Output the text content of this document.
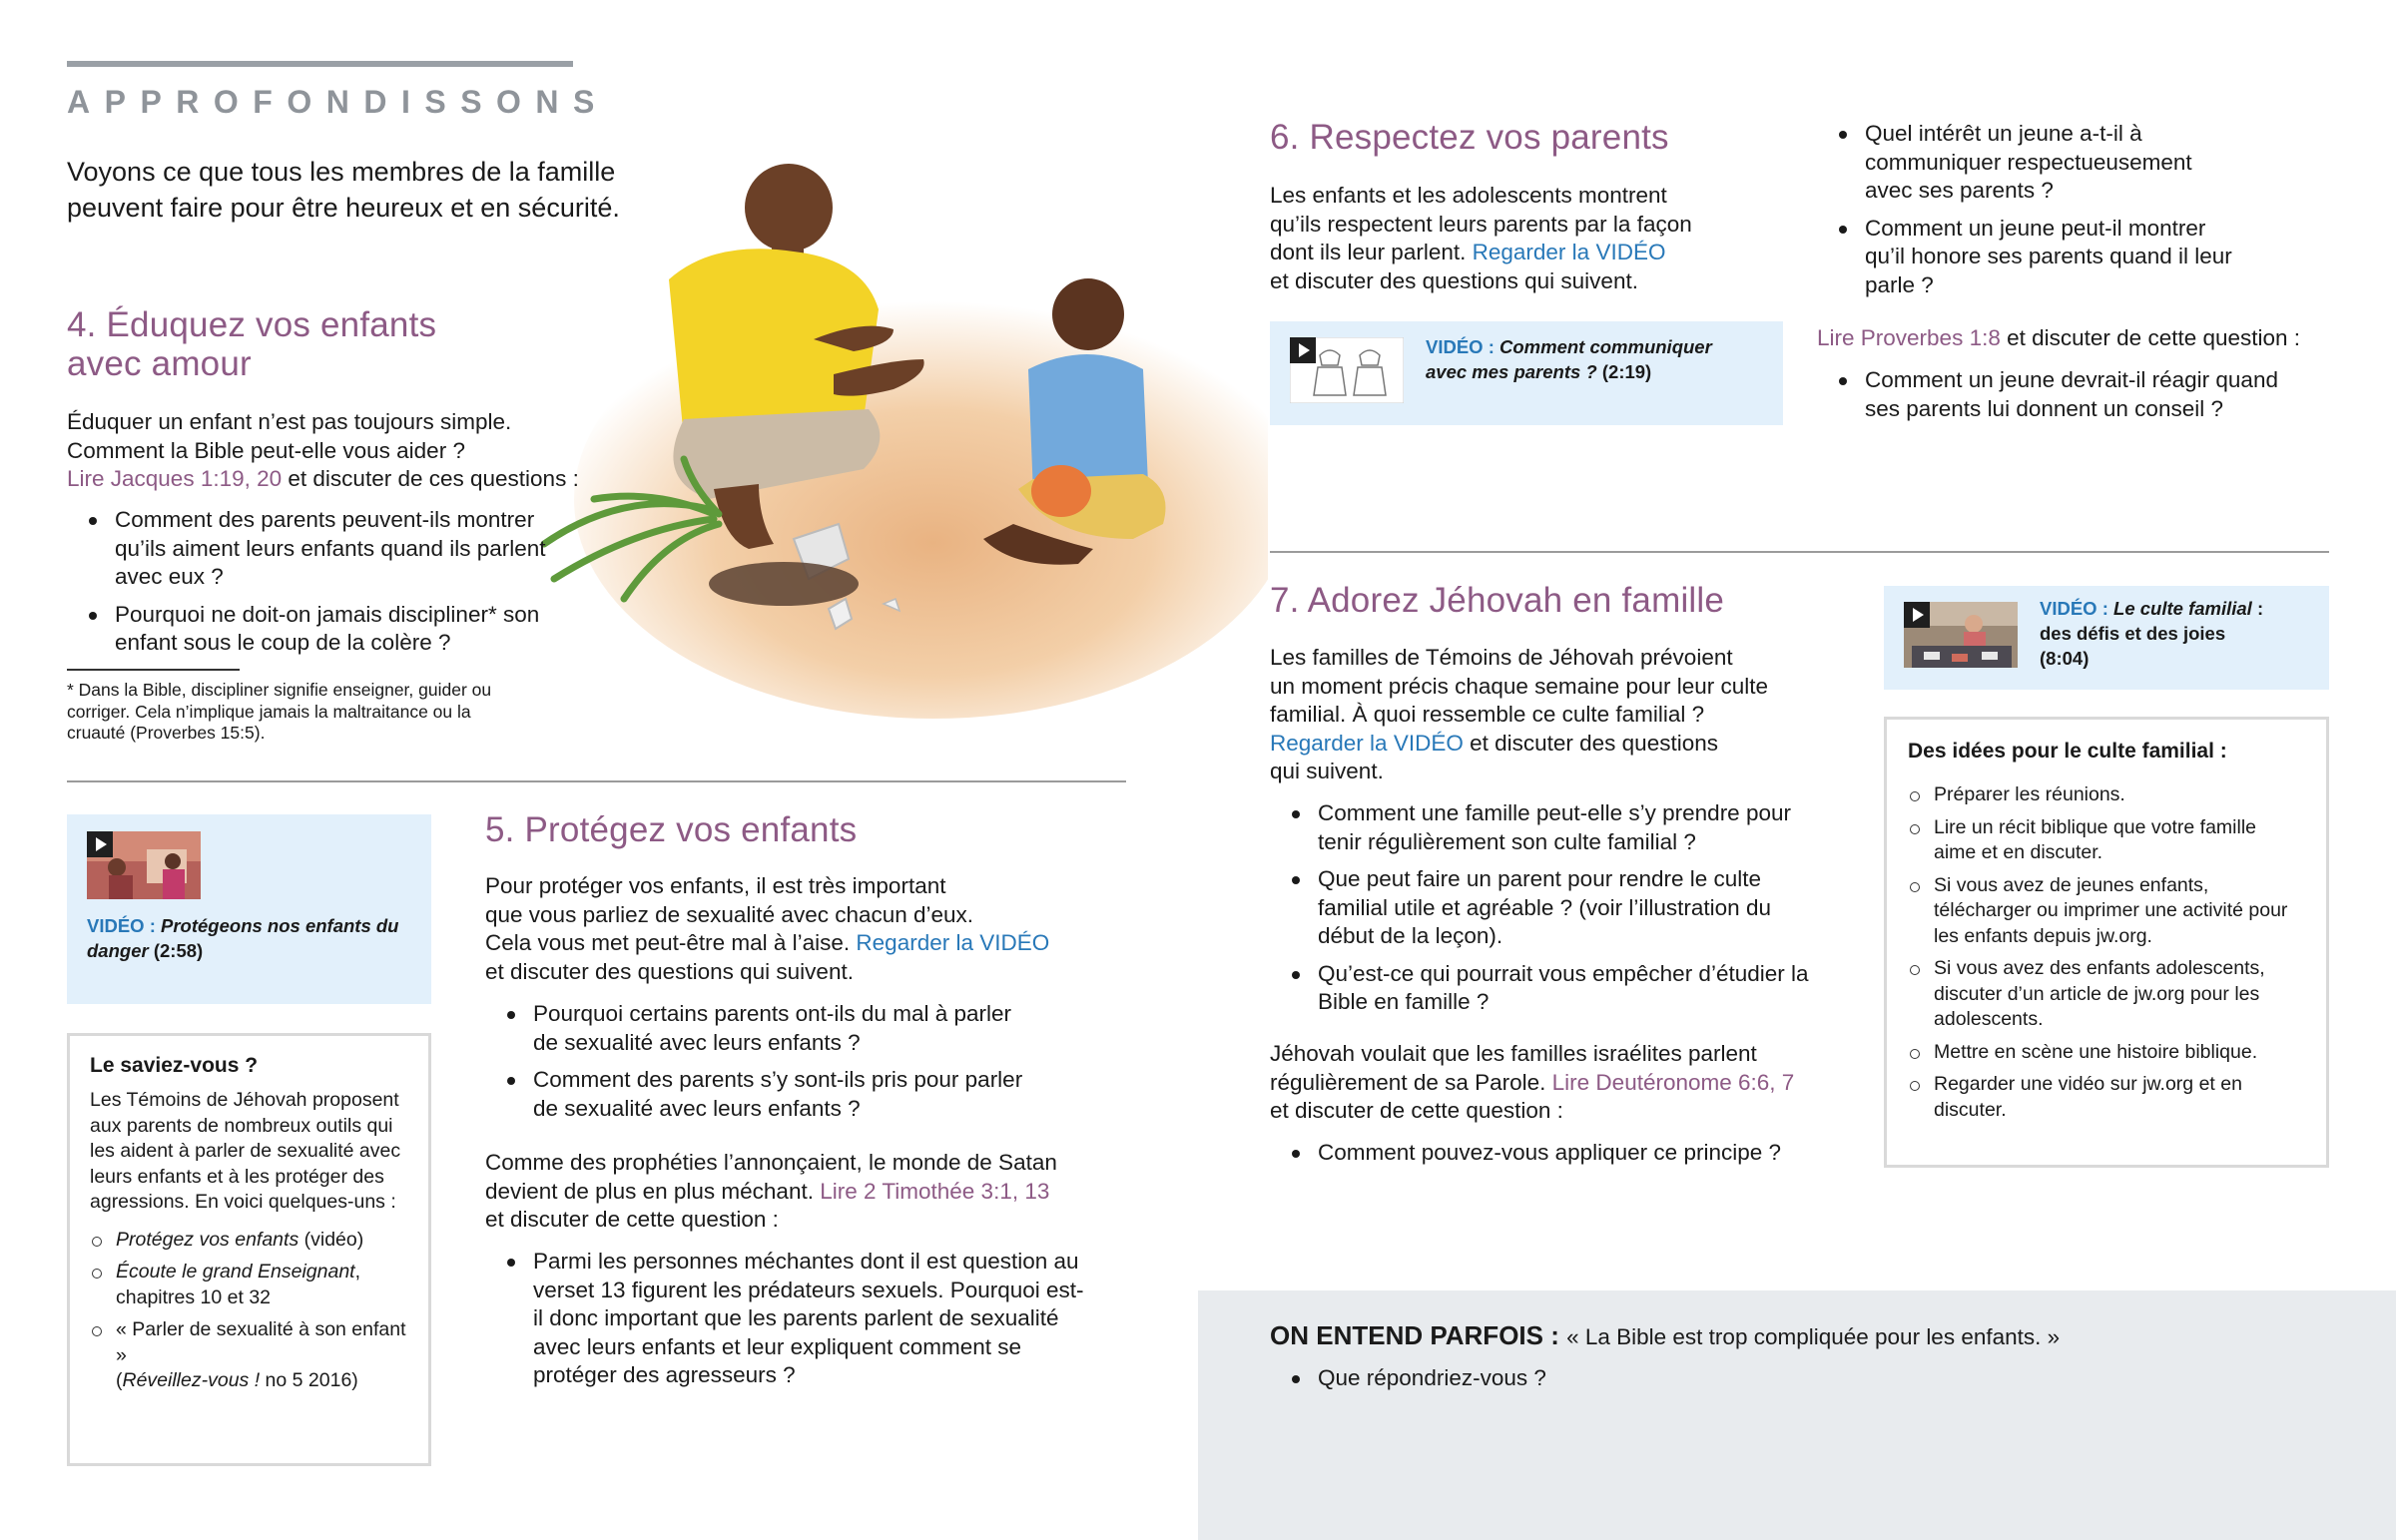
APPROFONDISSONS

Voyons ce que tous les membres de la famille peuvent faire pour être heureux et en sécurité.

4. Éduquez vos enfants
avec amour

Éduquer un enfant n’est pas toujours simple.
Comment la Bible peut-elle vous aider ?
Lire Jacques 1:19, 20 et discuter de ces questions :

Comment des parents peuvent-ils montrer qu’ils aiment leurs enfants quand ils parlent avec eux ?
Pourquoi ne doit-on jamais discipliner* son enfant sous le coup de la colère ?

* Dans la Bible, discipliner signifie enseigner, guider ou corriger. Cela n’implique jamais la maltraitance ou la cruauté (Proverbes 15:5).

VIDÉO : Protégeons nos enfants du danger (2:58)
Le saviez-vous ?

Les Témoins de Jéhovah proposent aux parents de nombreux outils qui les aident à parler de sexualité avec leurs enfants et à les protéger des agressions. En voici quelques-uns :

Protégez vos enfants (vidéo)
Écoute le grand Enseignant, chapitres 10 et 32
« Parler de sexualité à son enfant »
(Réveillez-vous ! no 5 2016)
5. Protégez vos enfants

Pour protéger vos enfants, il est très important
que vous parliez de sexualité avec chacun d’eux.
Cela vous met peut-être mal à l’aise. Regarder la VIDÉO
et discuter des questions qui suivent.

Pourquoi certains parents ont-ils du mal à parler de sexualité avec leurs enfants ?
Comment des parents s’y sont-ils pris pour parler de sexualité avec leurs enfants ?

Comme des prophéties l’annonçaient, le monde de Satan
devient de plus en plus méchant. Lire 2 Timothée 3:1, 13
et discuter de cette question :

Parmi les personnes méchantes dont il est question au verset 13 figurent les prédateurs sexuels. Pourquoi est-il donc important que les parents parlent de sexualité avec leurs enfants et leur expliquent comment se protéger des agresseurs ?
6. Respectez vos parents

Les enfants et les adolescents montrent
qu’ils respectent leurs parents par la façon
dont ils leur parlent. Regarder la VIDÉO
et discuter des questions qui suivent.

VIDÉO : Comment communiquer avec mes parents ? (2:19)
Quel intérêt un jeune a-t-il à communiquer respectueusement avec ses parents ?
Comment un jeune peut-il montrer qu’il honore ses parents quand il leur parle ?

Lire Proverbes 1:8 et discuter de cette question :

Comment un jeune devrait-il réagir quand ses parents lui donnent un conseil ?
7. Adorez Jéhovah en famille

Les familles de Témoins de Jéhovah prévoient
un moment précis chaque semaine pour leur culte
familial. À quoi ressemble ce culte familial ?
Regarder la VIDÉO et discuter des questions
qui suivent.

Comment une famille peut-elle s’y prendre pour tenir régulièrement son culte familial ?
Que peut faire un parent pour rendre le culte familial utile et agréable ? (voir l’illustration du début de la leçon).
Qu’est-ce qui pourrait vous empêcher d’étudier la Bible en famille ?

Jéhovah voulait que les familles israélites parlent
régulièrement de sa Parole. Lire Deutéronome 6:6, 7
et discuter de cette question :

Comment pouvez-vous appliquer ce principe ?
VIDÉO : Le culte familial : des défis et des joies
(8:04)
Des idées pour le culte familial :
Préparer les réunions.
Lire un récit biblique que votre famille aime et en discuter.
Si vous avez de jeunes enfants, télécharger ou imprimer une activité pour les enfants depuis jw.org.
Si vous avez des enfants adolescents, discuter d’un article de jw.org pour les adolescents.
Mettre en scène une histoire biblique.
Regarder une vidéo sur jw.org et en discuter.

ON ENTEND PARFOIS : « La Bible est trop compliquée pour les enfants. »

Que répondriez-vous ?
